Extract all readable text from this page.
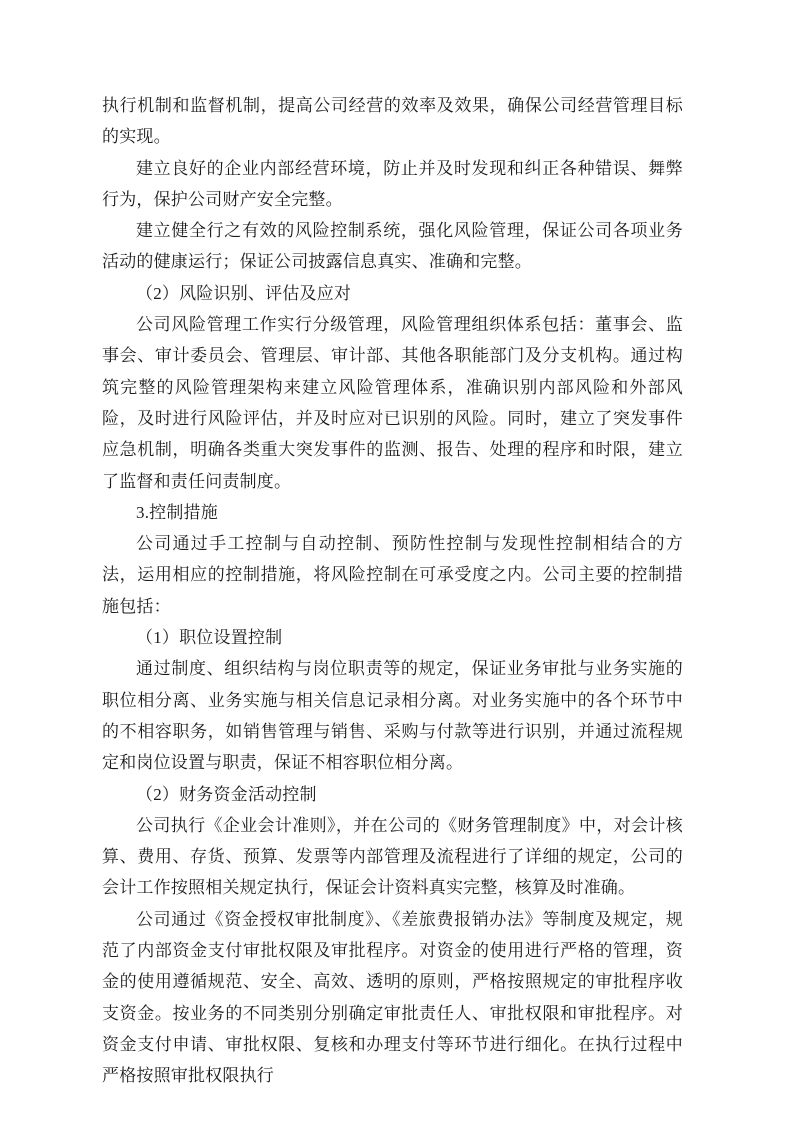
执行机制和监督机制，提高公司经营的效率及效果，确保公司经营管理目标的实现。

建立良好的企业内部经营环境，防止并及时发现和纠正各种错误、舞弊行为，保护公司财产安全完整。

建立健全行之有效的风险控制系统，强化风险管理，保证公司各项业务活动的健康运行；保证公司披露信息真实、准确和完整。

（2）风险识别、评估及应对

公司风险管理工作实行分级管理，风险管理组织体系包括：董事会、监事会、审计委员会、管理层、审计部、其他各职能部门及分支机构。通过构筑完整的风险管理架构来建立风险管理体系，准确识别内部风险和外部风险，及时进行风险评估，并及时应对已识别的风险。同时，建立了突发事件应急机制，明确各类重大突发事件的监测、报告、处理的程序和时限，建立了监督和责任问责制度。

3.控制措施

公司通过手工控制与自动控制、预防性控制与发现性控制相结合的方法，运用相应的控制措施，将风险控制在可承受度之内。公司主要的控制措施包括：

（1）职位设置控制

通过制度、组织结构与岗位职责等的规定，保证业务审批与业务实施的职位相分离、业务实施与相关信息记录相分离。对业务实施中的各个环节中的不相容职务，如销售管理与销售、采购与付款等进行识别，并通过流程规定和岗位设置与职责，保证不相容职位相分离。

（2）财务资金活动控制

公司执行《企业会计准则》，并在公司的《财务管理制度》中，对会计核算、费用、存货、预算、发票等内部管理及流程进行了详细的规定，公司的会计工作按照相关规定执行，保证会计资料真实完整，核算及时准确。

公司通过《资金授权审批制度》、《差旅费报销办法》等制度及规定，规范了内部资金支付审批权限及审批程序。对资金的使用进行严格的管理，资金的使用遵循规范、安全、高效、透明的原则，严格按照规定的审批程序收支资金。按业务的不同类别分别确定审批责任人、审批权限和审批程序。对资金支付申请、审批权限、复核和办理支付等环节进行细化。在执行过程中严格按照审批权限执行
